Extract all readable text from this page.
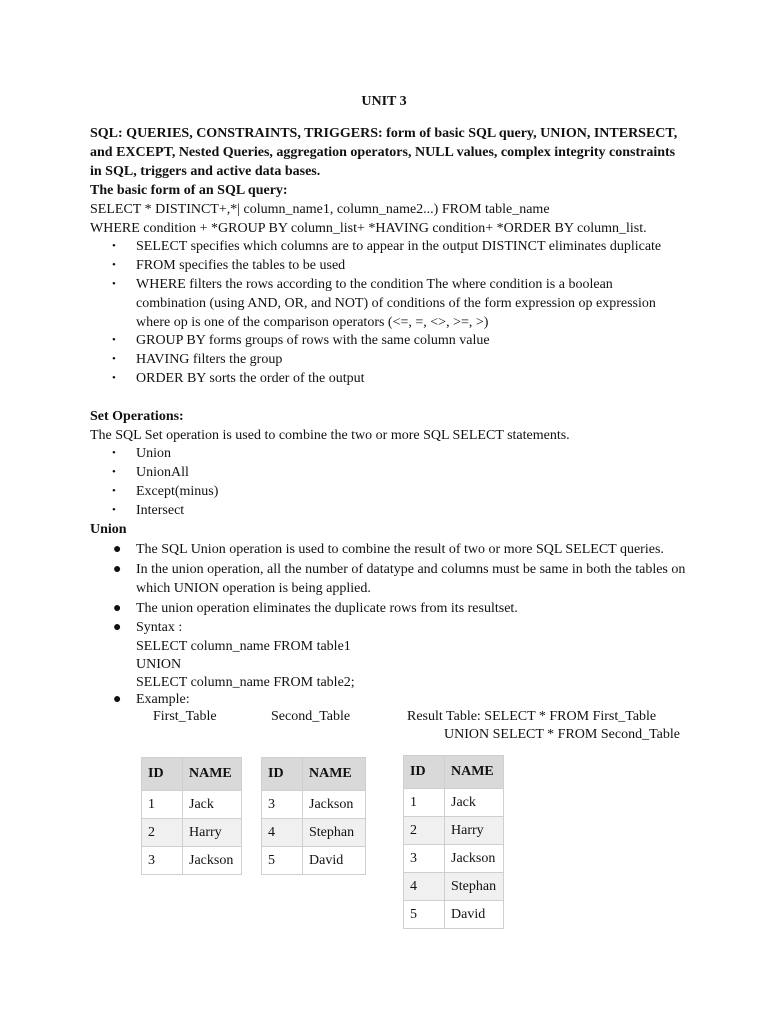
UNIT 3
SQL: QUERIES, CONSTRAINTS, TRIGGERS: form of basic SQL query, UNION, INTERSECT,
and EXCEPT, Nested Queries, aggregation operators, NULL values, complex integrity constraints
in SQL, triggers and active data bases.
The basic form of an SQL query:
SELECT * DISTINCT+,*| column_name1, column_name2...) FROM table_name
WHERE condition + *GROUP BY column_list+ *HAVING condition+ *ORDER BY column_list.
• SELECT specifies which columns are to appear in the output DISTINCT eliminates duplicate
• FROM specifies the tables to be used
• WHERE filters the rows according to the condition The where condition is a boolean
combination (using AND, OR, and NOT) of conditions of the form expression op expression
where op is one of the comparison operators (<=, =, <>, >=, >)
• GROUP BY forms groups of rows with the same column value
• HAVING filters the group
• ORDER BY sorts the order of the output
Set Operations:
The SQL Set operation is used to combine the two or more SQL SELECT statements.
• Union
• UnionAll
• Except(minus)
• Intersect
Union
● The SQL Union operation is used to combine the result of two or more SQL SELECT queries.
● In the union operation, all the number of datatype and columns must be same in both the tables on
which UNION operation is being applied.
● The union operation eliminates the duplicate rows from its resultset.
● Syntax :
SELECT column_name FROM table1
UNION
SELECT column_name FROM table2;
● Example:
First_Table	Second_Table	Result Table: SELECT * FROM First_Table
UNION SELECT * FROM Second_Table
ID	NAME
1	Jack
2	Harry
3	Jackson
ID	NAME
3	Jackson
4	Stephan
5	David
ID	NAME
1	Jack
2	Harry
3	Jackson
4	Stephan
5	David
